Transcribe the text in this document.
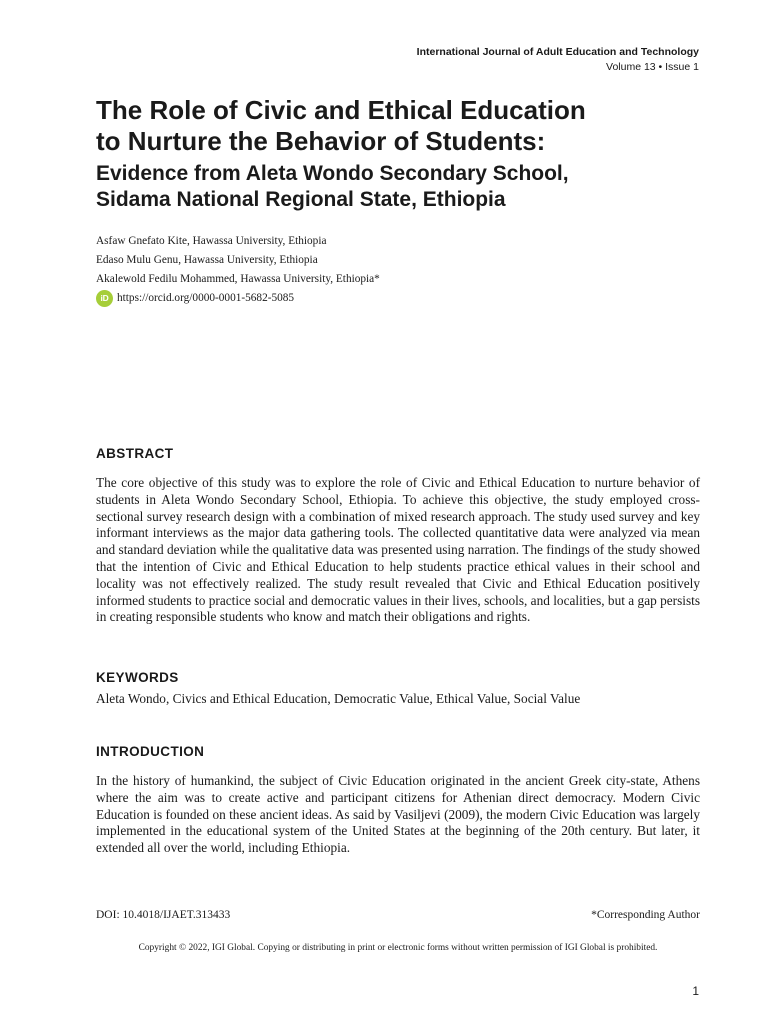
International Journal of Adult Education and Technology
Volume 13 • Issue 1
The Role of Civic and Ethical Education
to Nurture the Behavior of Students:
Evidence from Aleta Wondo Secondary School,
Sidama National Regional State, Ethiopia
Asfaw Gnefato Kite, Hawassa University, Ethiopia
Edaso Mulu Genu, Hawassa University, Ethiopia
Akalewold Fedilu Mohammed, Hawassa University, Ethiopia*
iD https://orcid.org/0000-0001-5682-5085
ABSTRACT

The core objective of this study was to explore the role of Civic and Ethical Education to nurture behavior of students in Aleta Wondo Secondary School, Ethiopia. To achieve this objective, the study employed cross-sectional survey research design with a combination of mixed research approach. The study used survey and key informant interviews as the major data gathering tools. The collected quantitative data were analyzed via mean and standard deviation while the qualitative data was presented using narration. The findings of the study showed that the intention of Civic and Ethical Education to help students practice ethical values in their school and locality was not effectively realized. The study result revealed that Civic and Ethical Education positively informed students to practice social and democratic values in their lives, schools, and localities, but a gap persists in creating responsible students who know and match their obligations and rights.

KEYWORDS

Aleta Wondo, Civics and Ethical Education, Democratic Value, Ethical Value, Social Value

INTRODUCTION

In the history of humankind, the subject of Civic Education originated in the ancient Greek city-state, Athens where the aim was to create active and participant citizens for Athenian direct democracy. Modern Civic Education is founded on these ancient ideas. As said by Vasiljevi (2009), the modern Civic Education was largely implemented in the educational system of the United States at the beginning of the 20th century. But later, it extended all over the world, including Ethiopia.

DOI: 10.4018/IJAET.313433	*Corresponding Author
Copyright © 2022, IGI Global. Copying or distributing in print or electronic forms without written permission of IGI Global is prohibited.
1
